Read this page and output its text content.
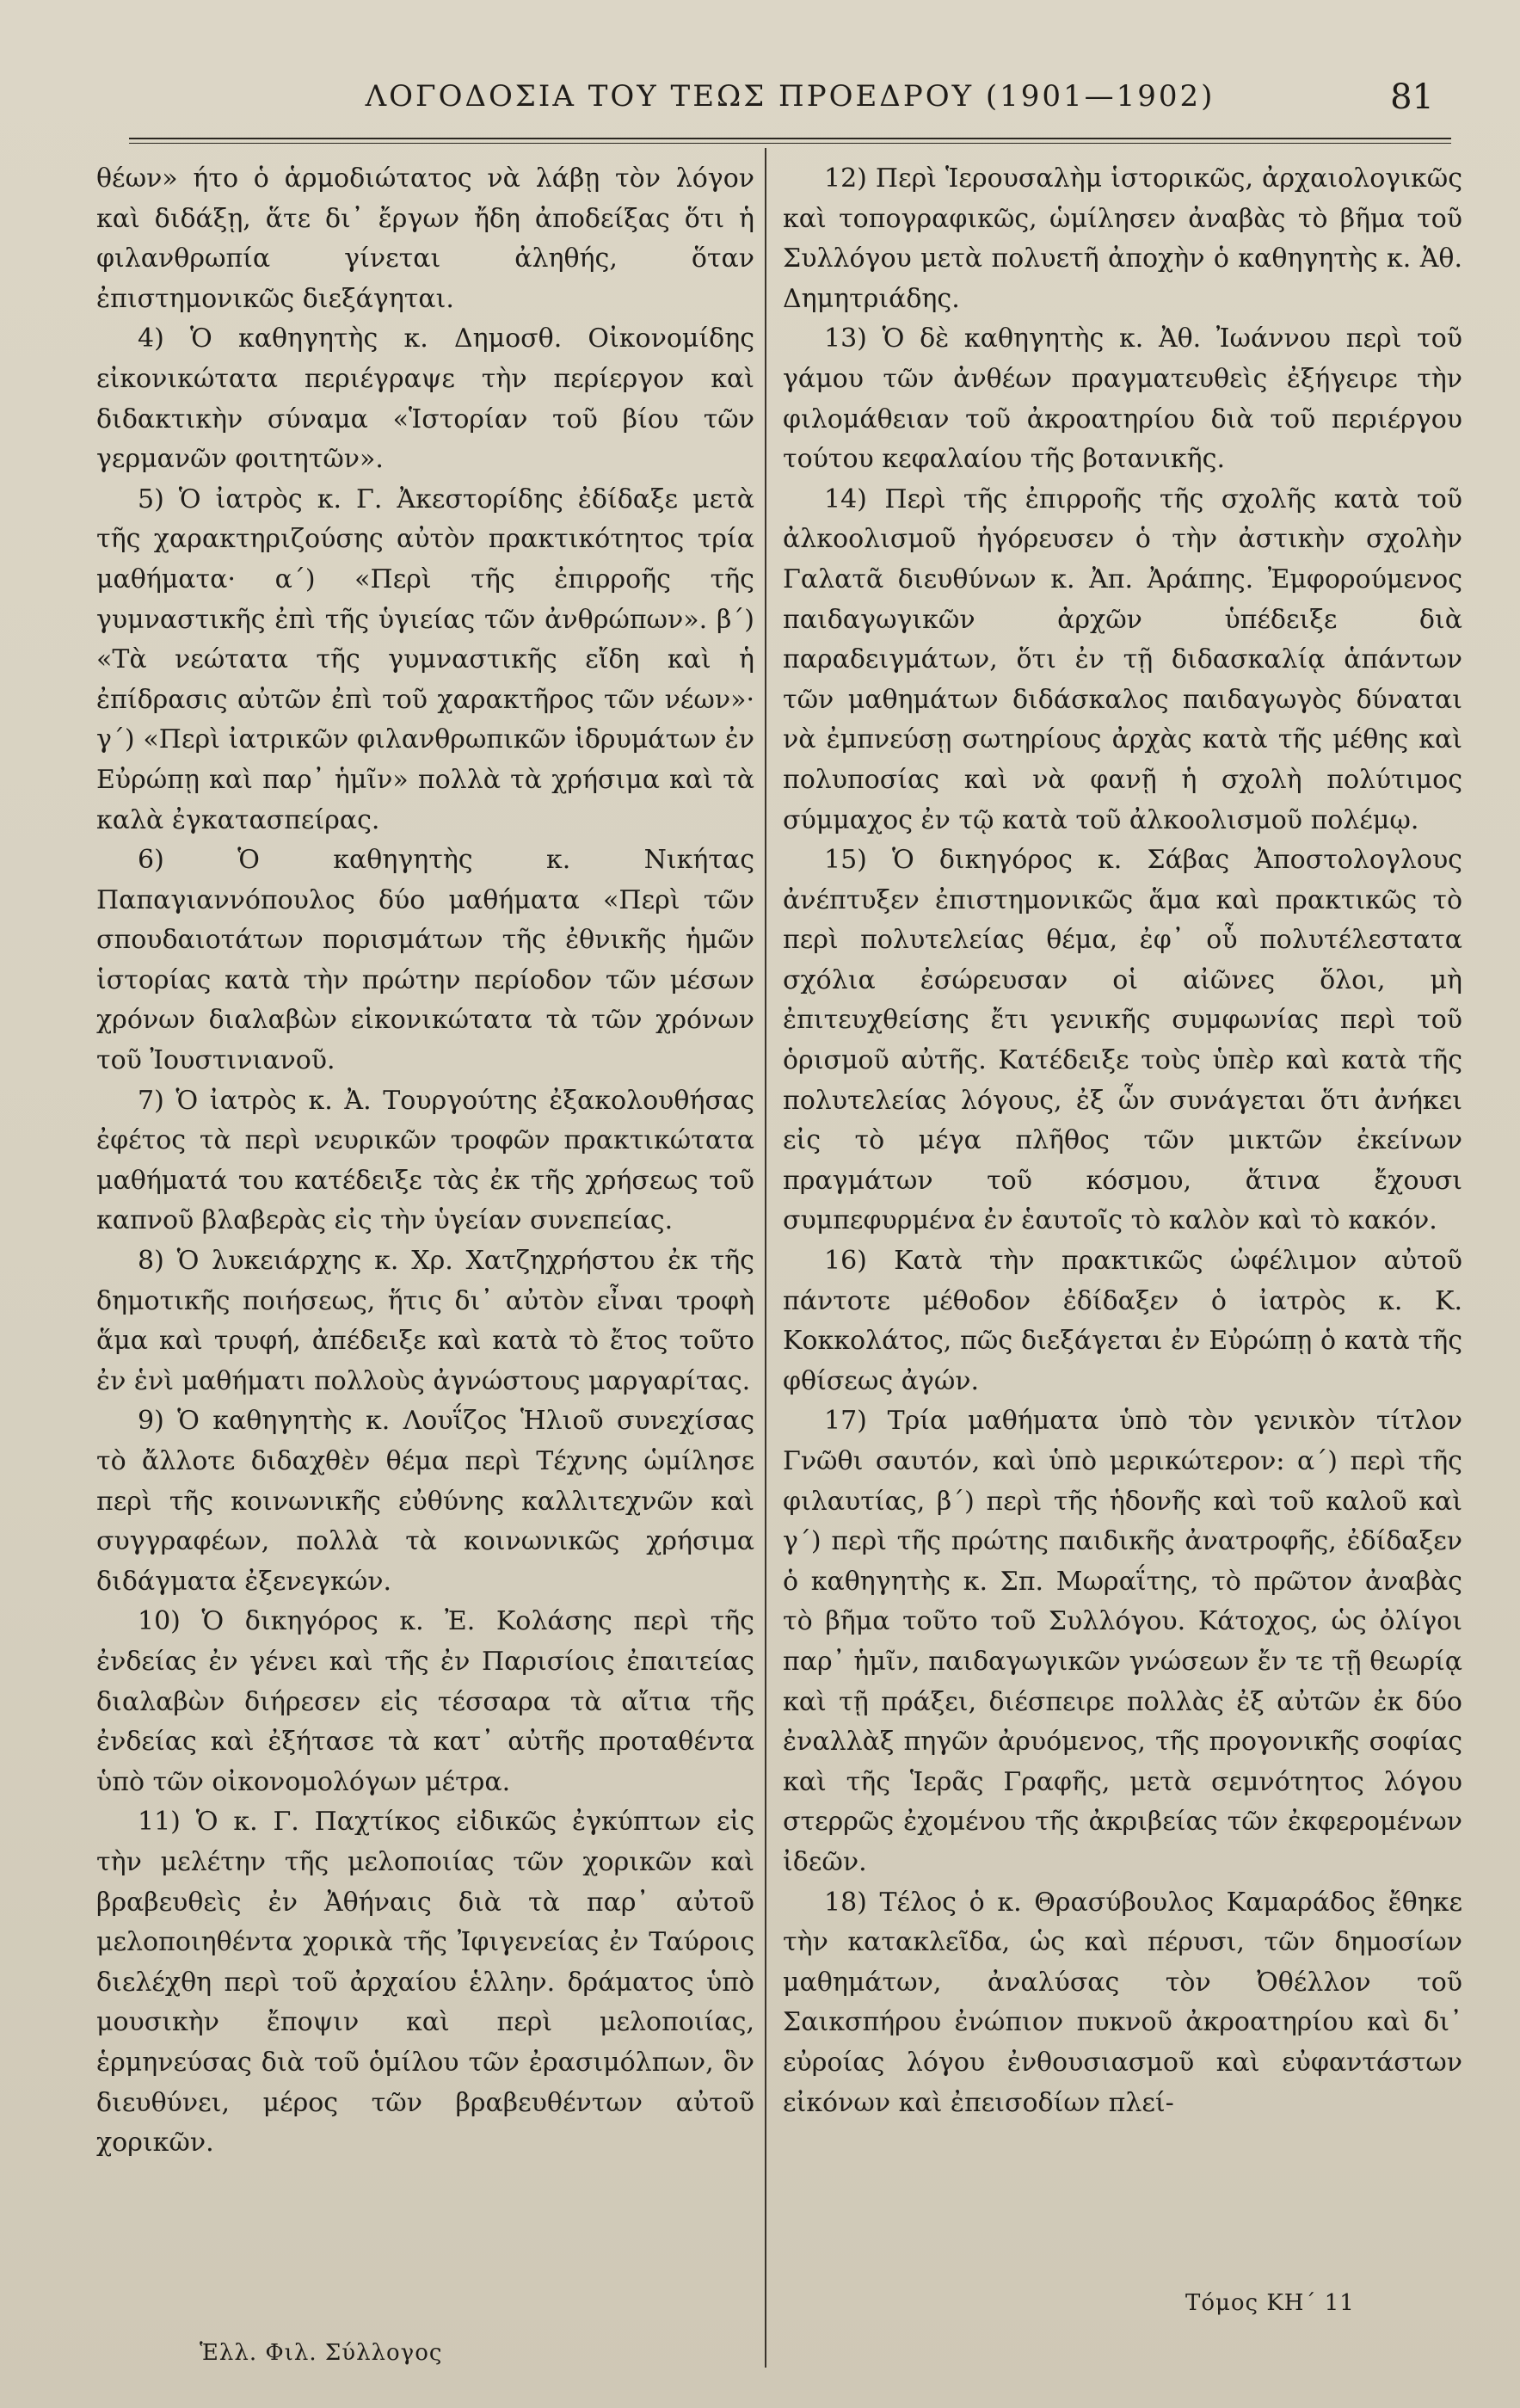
ΛΟΓΟΔΟΣΙΑ ΤΟΥ ΤΕΩΣ ΠΡΟΕΔΡΟΥ (1901—1902)	81

θέων» ήτο ὁ ἁρμοδιώτατος νὰ λάβῃ τὸν λόγον καὶ διδάξῃ, ἅτε δι᾽ ἔργων ἤδη ἀποδείξας ὅτι ἡ φιλανθρωπία γίνεται ἀληθής, ὅταν ἐπιστημονικῶς διεξάγηται.

4) Ὁ καθηγητὴς κ. Δημοσθ. Οἰκονομίδης εἰκονικώτατα περιέγραψε τὴν περίεργον καὶ διδακτικὴν σύναμα «Ἱστορίαν τοῦ βίου τῶν γερμανῶν φοιτητῶν».

5) Ὁ ἰατρὸς κ. Γ. Ἀκεστορίδης ἐδίδαξε μετὰ τῆς χαρακτηριζούσης αὐτὸν πρακτικότητος τρία μαθήματα· α΄) «Περὶ τῆς ἐπιρροῆς τῆς γυμναστικῆς ἐπὶ τῆς ὑγιείας τῶν ἀνθρώπων». β΄) «Τὰ νεώτατα τῆς γυμναστικῆς εἴδη καὶ ἡ ἐπίδρασις αὐτῶν ἐπὶ τοῦ χαρακτῆρος τῶν νέων»· γ΄) «Περὶ ἰατρικῶν φιλανθρωπικῶν ἱδρυμάτων ἐν Εὐρώπῃ καὶ παρ᾽ ἡμῖν» πολλὰ τὰ χρήσιμα καὶ τὰ καλὰ ἐγκατασπείρας.

6) Ὁ καθηγητὴς κ. Νικήτας Παπαγιαννόπουλος δύο μαθήματα «Περὶ τῶν σπουδαιοτάτων πορισμάτων τῆς ἐθνικῆς ἡμῶν ἱστορίας κατὰ τὴν πρώτην περίοδον τῶν μέσων χρόνων διαλαβὼν εἰκονικώτατα τὰ τῶν χρόνων τοῦ Ἰουστινιανοῦ.

7) Ὁ ἰατρὸς κ. Ἀ. Τουργούτης ἐξακολουθήσας ἐφέτος τὰ περὶ νευρικῶν τροφῶν πρακτικώτατα μαθήματά του κατέδειξε τὰς ἐκ τῆς χρήσεως τοῦ καπνοῦ βλαβερὰς εἰς τὴν ὑγείαν συνεπείας.

8) Ὁ λυκειάρχης κ. Χρ. Χατζηχρήστου ἐκ τῆς δημοτικῆς ποιήσεως, ἥτις δι᾽ αὐτὸν εἶναι τροφὴ ἅμα καὶ τρυφή, ἀπέδειξε καὶ κατὰ τὸ ἔτος τοῦτο ἐν ἑνὶ μαθήματι πολλοὺς ἀγνώστους μαργαρίτας.

9) Ὁ καθηγητὴς κ. Λουΐζος Ἡλιοῦ συνεχίσας τὸ ἄλλοτε διδαχθὲν θέμα περὶ Τέχνης ὡμίλησε περὶ τῆς κοινωνικῆς εὐθύνης καλλιτεχνῶν καὶ συγγραφέων, πολλὰ τὰ κοινωνικῶς χρήσιμα διδάγματα ἐξενεγκών.

10) Ὁ δικηγόρος κ. Ἐ. Κολάσης περὶ τῆς ἐνδείας ἐν γένει καὶ τῆς ἐν Παρισίοις ἐπαιτείας διαλαβὼν διήρεσεν εἰς τέσσαρα τὰ αἴτια τῆς ἐνδείας καὶ ἐξήτασε τὰ κατ᾽ αὐτῆς προταθέντα ὑπὸ τῶν οἰκονομολόγων μέτρα.

11) Ὁ κ. Γ. Παχτίκος εἰδικῶς ἐγκύπτων εἰς τὴν μελέτην τῆς μελοποιίας τῶν χορικῶν καὶ βραβευθεὶς ἐν Ἀθήναις διὰ τὰ παρ᾽ αὐτοῦ μελοποιηθέντα χορικὰ τῆς Ἰφιγενείας ἐν Ταύροις διελέχθη περὶ τοῦ ἀρχαίου ἑλλην. δράματος ὑπὸ μουσικὴν ἔποψιν καὶ περὶ μελοποιίας, ἑρμηνεύσας διὰ τοῦ ὁμίλου τῶν ἐρασιμόλπων, ὃν διευθύνει, μέρος τῶν βραβευθέντων αὐτοῦ χορικῶν.

12) Περὶ Ἱερουσαλὴμ ἱστορικῶς, ἀρχαιολογικῶς καὶ τοπογραφικῶς, ὡμίλησεν ἀναβὰς τὸ βῆμα τοῦ Συλλόγου μετὰ πολυετῆ ἀποχὴν ὁ καθηγητὴς κ. Ἀθ. Δημητριάδης.

13) Ὁ δὲ καθηγητὴς κ. Ἀθ. Ἰωάννου περὶ τοῦ γάμου τῶν ἀνθέων πραγματευθεὶς ἐξήγειρε τὴν φιλομάθειαν τοῦ ἀκροατηρίου διὰ τοῦ περιέργου τούτου κεφαλαίου τῆς βοτανικῆς.

14) Περὶ τῆς ἐπιρροῆς τῆς σχολῆς κατὰ τοῦ ἀλκοολισμοῦ ἠγόρευσεν ὁ τὴν ἀστικὴν σχολὴν Γαλατᾶ διευθύνων κ. Ἀπ. Ἀράπης. Ἐμφορούμενος παιδαγωγικῶν ἀρχῶν ὑπέδειξε διὰ παραδειγμάτων, ὅτι ἐν τῇ διδασκαλίᾳ ἁπάντων τῶν μαθημάτων διδάσκαλος παιδαγωγὸς δύναται νὰ ἐμπνεύσῃ σωτηρίους ἀρχὰς κατὰ τῆς μέθης καὶ πολυποσίας καὶ νὰ φανῇ ἡ σχολὴ πολύτιμος σύμμαχος ἐν τῷ κατὰ τοῦ ἀλκοολισμοῦ πολέμῳ.

15) Ὁ δικηγόρος κ. Σάβας Ἀποστολογλους ἀνέπτυξεν ἐπιστημονικῶς ἅμα καὶ πρακτικῶς τὸ περὶ πολυτελείας θέμα, ἐφ᾽ οὗ πολυτέλεστατα σχόλια ἐσώρευσαν οἱ αἰῶνες ὅλοι, μὴ ἐπιτευχθείσης ἔτι γενικῆς συμφωνίας περὶ τοῦ ὁρισμοῦ αὐτῆς. Κατέδειξε τοὺς ὑπὲρ καὶ κατὰ τῆς πολυτελείας λόγους, ἐξ ὧν συνάγεται ὅτι ἀνήκει εἰς τὸ μέγα πλῆθος τῶν μικτῶν ἐκείνων πραγμάτων τοῦ κόσμου, ἅτινα ἔχουσι συμπεφυρμένα ἐν ἑαυτοῖς τὸ καλὸν καὶ τὸ κακόν.

16) Κατὰ τὴν πρακτικῶς ὠφέλιμον αὐτοῦ πάντοτε μέθοδον ἐδίδαξεν ὁ ἰατρὸς κ. Κ. Κοκκολάτος, πῶς διεξάγεται ἐν Εὐρώπῃ ὁ κατὰ τῆς φθίσεως ἀγών.

17) Τρία μαθήματα ὑπὸ τὸν γενικὸν τίτλον Γνῶθι σαυτόν, καὶ ὑπὸ μερικώτερον: α΄) περὶ τῆς φιλαυτίας, β΄) περὶ τῆς ἡδονῆς καὶ τοῦ καλοῦ καὶ γ΄) περὶ τῆς πρώτης παιδικῆς ἀνατροφῆς, ἐδίδαξεν ὁ καθηγητὴς κ. Σπ. Μωραΐτης, τὸ πρῶτον ἀναβὰς τὸ βῆμα τοῦτο τοῦ Συλλόγου. Κάτοχος, ὡς ὀλίγοι παρ᾽ ἡμῖν, παιδαγωγικῶν γνώσεων ἔν τε τῇ θεωρίᾳ καὶ τῇ πράξει, διέσπειρε πολλὰς ἐξ αὐτῶν ἐκ δύο ἐναλλὰξ πηγῶν ἀρυόμενος, τῆς προγονικῆς σοφίας καὶ τῆς Ἱερᾶς Γραφῆς, μετὰ σεμνότητος λόγου στερρῶς ἐχομένου τῆς ἀκριβείας τῶν ἐκφερομένων ἰδεῶν.

18) Τέλος ὁ κ. Θρασύβουλος Καμαράδος ἔθηκε τὴν κατακλεῖδα, ὡς καὶ πέρυσι, τῶν δημοσίων μαθημάτων, ἀναλύσας τὸν Ὀθέλλον τοῦ Σαικσπήρου ἐνώπιον πυκνοῦ ἀκροατηρίου καὶ δι᾽ εὐροίας λόγου ἐνθουσιασμοῦ καὶ εὐφαντάστων εἰκόνων καὶ ἐπεισοδίων πλεί-

Ἑλλ. Φιλ. Σύλλογος
Τόμος ΚΗ΄ 11
